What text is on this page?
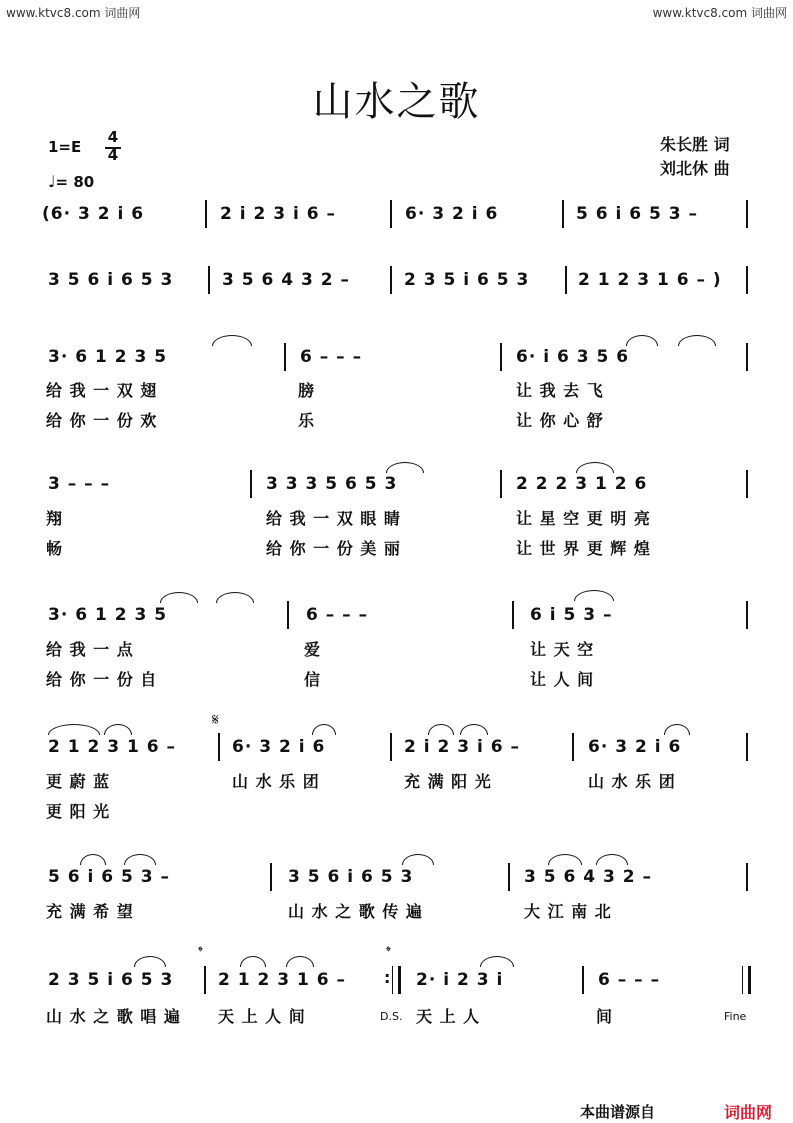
www.ktvc8.com 词曲网	www.ktvc8.com 词曲网
山水之歌
1=E
4
4
♩= 80
朱长胜 词
刘北休 曲
(6· 3 2 i 6	2 i 2 3 i 6 –	6· 3 2 i 6	5 6 i 6 5 3 –
3 5 6 i 6 5 3	3 5 6 4 3 2 –	2 3 5 i 6 5 3	2 1 2 3 1 6 – )
3· 6 1 2 3 5	6 – – –	6· i 6 3 5 6
给 我 一 双 翅	膀	让 我 去 飞
给 你 一 份 欢	乐	让 你 心 舒
3 – – –	3 3 3 5 6 5 3	2 2 2 3 1 2 6
翔	给 我 一 双 眼 睛	让 星 空 更 明 亮
畅	给 你 一 份 美 丽	让 世 界 更 辉 煌
3· 6 1 2 3 5	6 – – –	6 i 5 3 –
给 我 一 点	爱	让 天 空
给 你 一 份 自	信	让 人 间
𝄋
2 1 2 3 1 6 –	6· 3 2 i 6	2 i 2 3 i 6 –	6· 3 2 i 6
更 蔚 蓝	山 水 乐 团	充 满 阳 光	山 水 乐 团
更 阳 光
5 6 i 6 5 3 –	3 5 6 i 6 5 3	3 5 6 4 3 2 –
充 满 希 望	山 水 之 歌 传 遍	大 江 南 北
𝄌	𝄌
2 3 5 i 6 5 3	2 1 2 3 1 6 – : 2· i 2 3 i	6 – – –
山 水 之 歌 唱 遍 天 上 人 间	D.S. 天 上 人	间	Fine
本曲谱源自	词曲网
